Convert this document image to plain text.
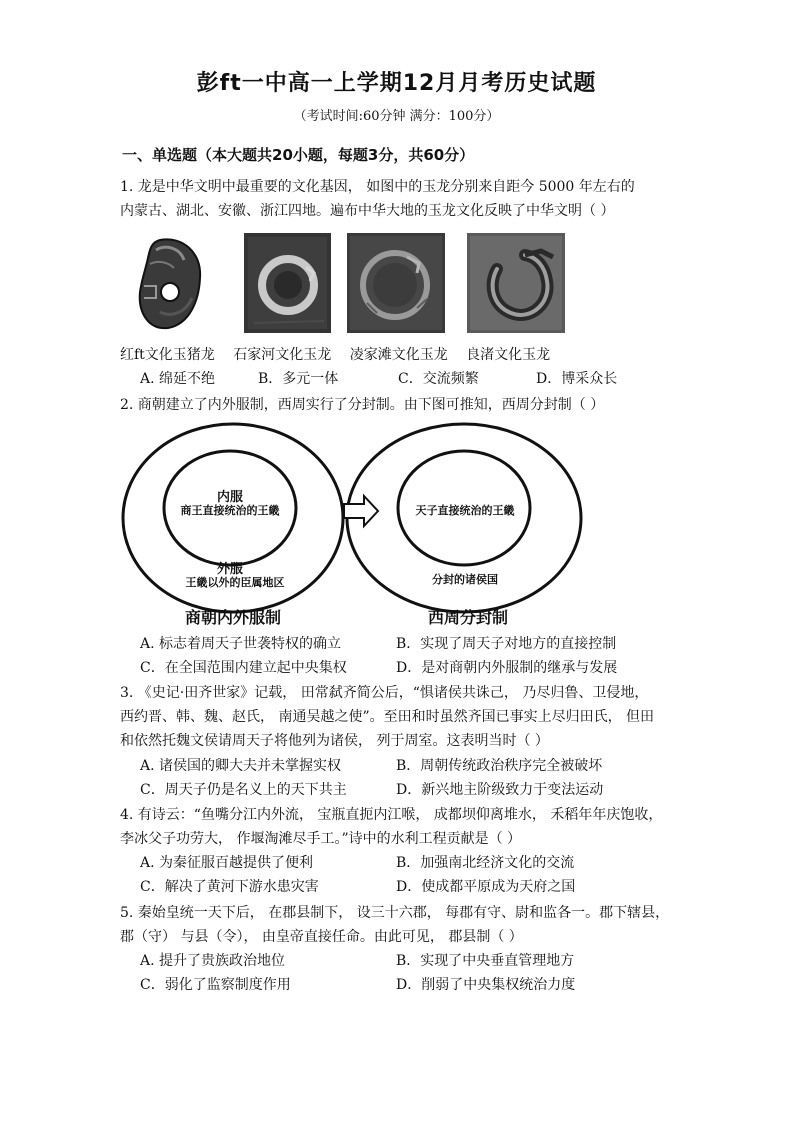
彭ft一中高一上学期12月月考历史试题
（考试时间:60分钟 满分：100分）
一、单选题（本大题共20小题，每题3分，共60分）
1. 龙是中华文明中最重要的文化基因， 如图中的玉龙分别来自距今 5000 年左右的
内蒙古、湖北、安徽、浙江四地。遍布中华大地的玉龙文化反映了中华文明（ ）
红ft文化玉猪龙 石家河文化玉龙 凌家滩文化玉龙 良渚文化玉龙
A. 绵延不绝	B．多元一体	C．交流频繁	D．博采众长
2. 商朝建立了内外服制，西周实行了分封制。由下图可推知，西周分封制（ ）
内服
商王直接统治的王畿
外服
王畿以外的臣属地区
商朝内外服制
天子直接统治的王畿
分封的诸侯国
西周分封制
A. 标志着周天子世袭特权的确立	B．实现了周天子对地方的直接控制
C．在全国范围内建立起中央集权	D．是对商朝内外服制的继承与发展
3. 《史记·田齐世家》记载， 田常弑齐简公后，“惧诸侯共诛己， 乃尽归鲁、卫侵地，
西约晋、韩、魏、赵氏， 南通吴越之使”。至田和时虽然齐国已事实上尽归田氏， 但田
和依然托魏文侯请周天子将他列为诸侯， 列于周室。这表明当时（ ）
A. 诸侯国的卿大夫并未掌握实权	B．周朝传统政治秩序完全被破坏
C．周天子仍是名义上的天下共主	D．新兴地主阶级致力于变法运动
4. 有诗云：“鱼嘴分江内外流， 宝瓶直扼内江喉， 成都坝仰离堆水， 禾稻年年庆饱收，
李冰父子功劳大， 作堰淘滩尽手工。”诗中的水利工程贡献是（ ）
A. 为秦征服百越提供了便利	B．加强南北经济文化的交流
C．解决了黄河下游水患灾害	D．使成都平原成为天府之国
5. 秦始皇统一天下后， 在郡县制下， 设三十六郡， 每郡有守、尉和监各一。郡下辖县，
郡（守） 与县（令）， 由皇帝直接任命。由此可见， 郡县制（ ）
A. 提升了贵族政治地位	B．实现了中央垂直管理地方
C．弱化了监察制度作用	D．削弱了中央集权统治力度
